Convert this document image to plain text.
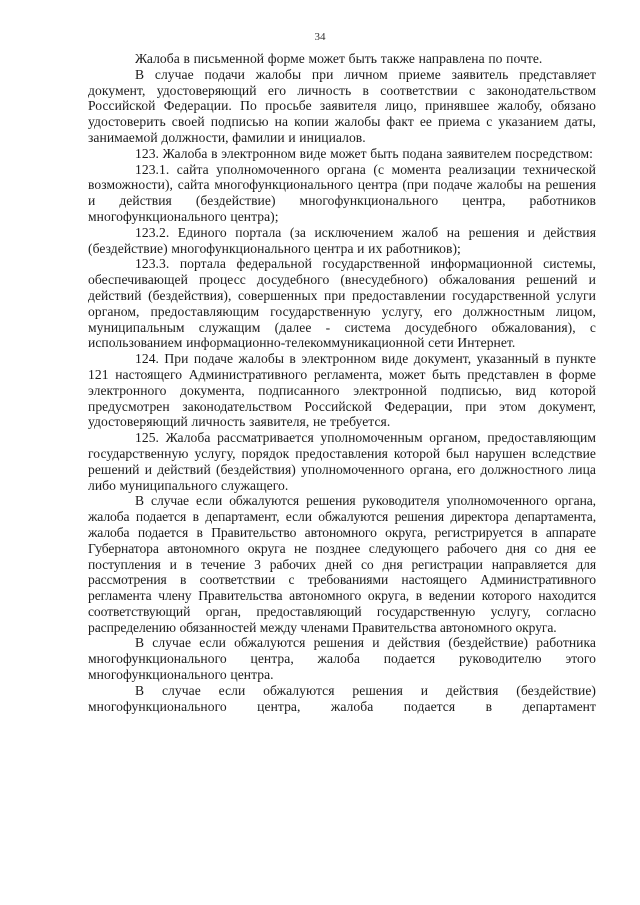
34

Жалоба в письменной форме может быть также направлена по почте.

В случае подачи жалобы при личном приеме заявитель представляет документ, удостоверяющий его личность в соответствии с законодательством Российской Федерации. По просьбе заявителя лицо, принявшее жалобу, обязано удостоверить своей подписью на копии жалобы факт ее приема с указанием даты, занимаемой должности, фамилии и инициалов.

123. Жалоба в электронном виде может быть подана заявителем посредством:

123.1. сайта уполномоченного органа (с момента реализации технической возможности), сайта многофункционального центра (при подаче жалобы на решения и действия (бездействие) многофункционального центра, работников многофункционального центра);

123.2. Единого портала (за исключением жалоб на решения и действия (бездействие) многофункционального центра и их работников);

123.3. портала федеральной государственной информационной системы, обеспечивающей процесс досудебного (внесудебного) обжалования решений и действий (бездействия), совершенных при предоставлении государственной услуги органом, предоставляющим государственную услугу, его должностным лицом, муниципальным служащим (далее - система досудебного обжалования), с использованием информационно-телекоммуникационной сети Интернет.

124. При подаче жалобы в электронном виде документ, указанный в пункте 121 настоящего Административного регламента, может быть представлен в форме электронного документа, подписанного электронной подписью, вид которой предусмотрен законодательством Российской Федерации, при этом документ, удостоверяющий личность заявителя, не требуется.

125. Жалоба рассматривается уполномоченным органом, предоставляющим государственную услугу, порядок предоставления которой был нарушен вследствие решений и действий (бездействия) уполномоченного органа, его должностного лица либо муниципального служащего.

В случае если обжалуются решения руководителя уполномоченного органа, жалоба подается в департамент, если обжалуются решения директора департамента, жалоба подается в Правительство автономного округа, регистрируется в аппарате Губернатора автономного округа не позднее следующего рабочего дня со дня ее поступления и в течение 3 рабочих дней со дня регистрации направляется для рассмотрения в соответствии с требованиями настоящего Административного регламента члену Правительства автономного округа, в ведении которого находится соответствующий орган, предоставляющий государственную услугу, согласно распределению обязанностей между членами Правительства автономного округа.

В случае если обжалуются решения и действия (бездействие) работника многофункционального центра, жалоба подается руководителю этого многофункционального центра.

В случае если обжалуются решения и действия (бездействие) многофункционального центра, жалоба подается в департамент
